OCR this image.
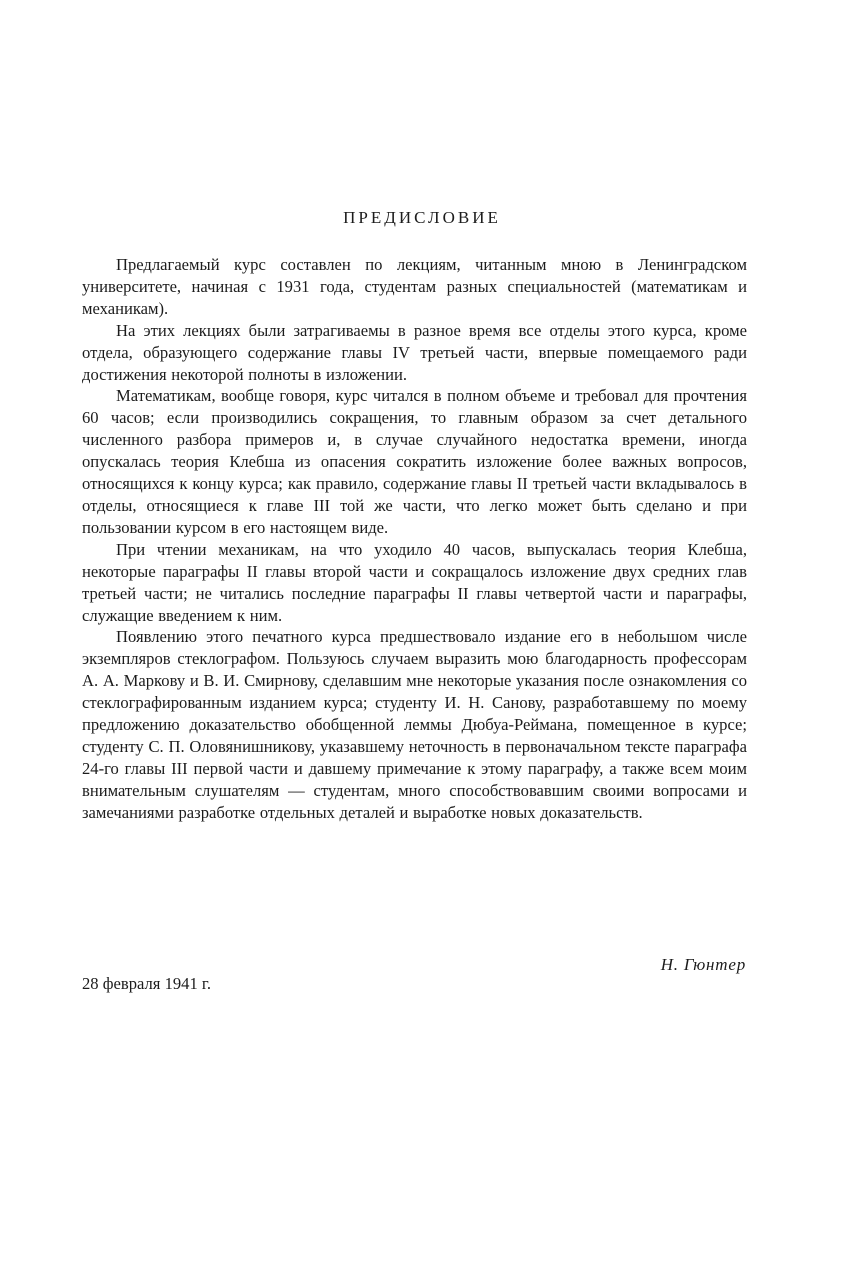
ПРЕДИСЛОВИЕ

Предлагаемый курс составлен по лекциям, читанным мною в Ленинградском университете, начиная с 1931 года, студентам разных специальностей (математикам и механикам).

На этих лекциях были затрагиваемы в разное время все отделы этого курса, кроме отдела, образующего содержание главы IV третьей части, впервые помещаемого ради достижения некоторой полноты в изложении.

Математикам, вообще говоря, курс читался в полном объеме и требовал для прочтения 60 часов; если производились сокращения, то главным образом за счет детального численного разбора примеров и, в случае случайного недостатка времени, иногда опускалась теория Клебша из опасения сократить изложение более важных вопросов, относящихся к концу курса; как правило, содержание главы II третьей части вкладывалось в отделы, относящиеся к главе III той же части, что легко может быть сделано и при пользовании курсом в его настоящем виде.

При чтении механикам, на что уходило 40 часов, выпускалась теория Клебша, некоторые параграфы II главы второй части и сокращалось изложение двух средних глав третьей части; не читались последние параграфы II главы четвертой части и параграфы, служащие введением к ним.

Появлению этого печатного курса предшествовало издание его в небольшом числе экземпляров стеклографом. Пользуюсь случаем выразить мою благодарность профессорам А. А. Маркову и В. И. Смирнову, сделавшим мне некоторые указания после ознакомления со стеклографированным изданием курса; студенту И. Н. Санову, разработавшему по моему предложению доказательство обобщенной леммы Дюбуа-Реймана, помещенное в курсе; студенту С. П. Оловянишникову, указавшему неточность в первоначальном тексте параграфа 24-го главы III первой части и давшему примечание к этому параграфу, а также всем моим внимательным слушателям — студентам, много способствовавшим своими вопросами и замечаниями разработке отдельных деталей и выработке новых доказательств.

Н. Гюнтер
28 февраля 1941 г.
